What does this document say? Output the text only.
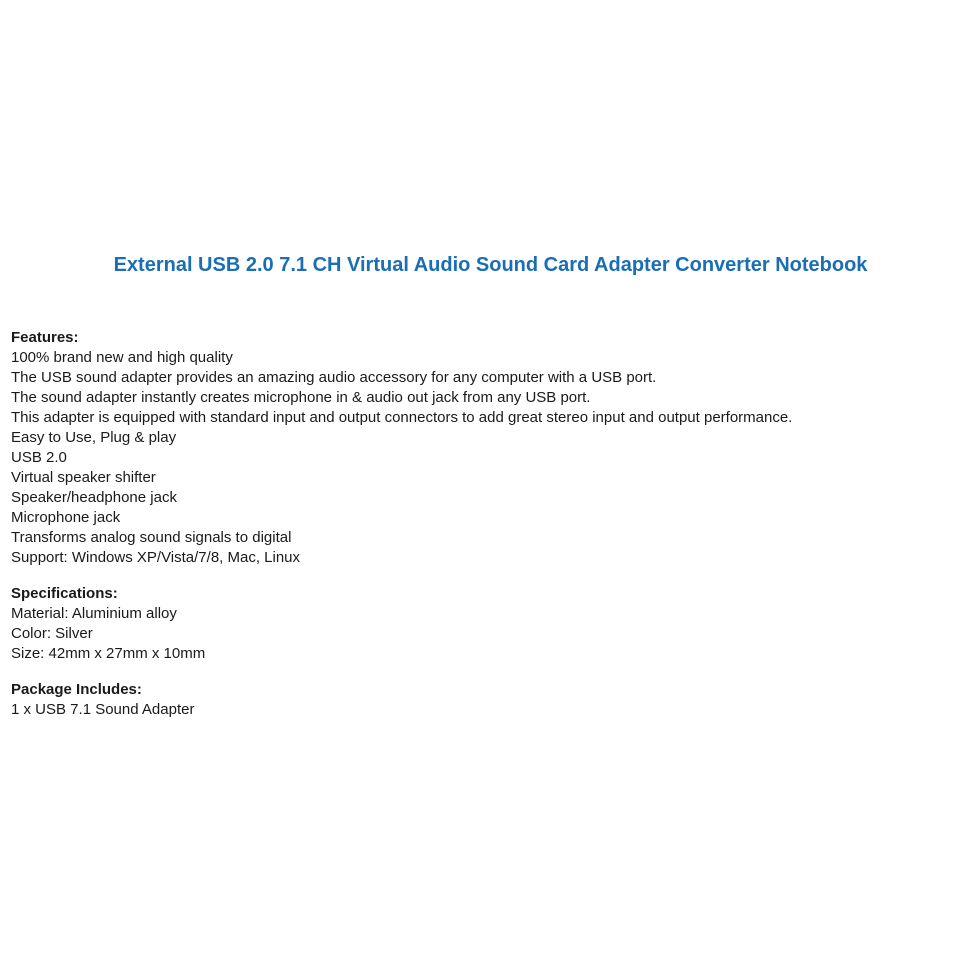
External USB 2.0 7.1 CH Virtual Audio Sound Card Adapter Converter Notebook

Features:

100% brand new and high quality
The USB sound adapter provides an amazing audio accessory for any computer with a USB port.
The sound adapter instantly creates microphone in & audio out jack from any USB port.
This adapter is equipped with standard input and output connectors to add great stereo input and output performance.
Easy to Use, Plug & play
USB 2.0
Virtual speaker shifter
Speaker/headphone jack
Microphone jack
Transforms analog sound signals to digital
Support: Windows XP/Vista/7/8, Mac, Linux

Specifications:

Material: Aluminium alloy
Color: Silver
Size: 42mm x 27mm x 10mm

Package Includes:

1 x USB 7.1 Sound Adapter
